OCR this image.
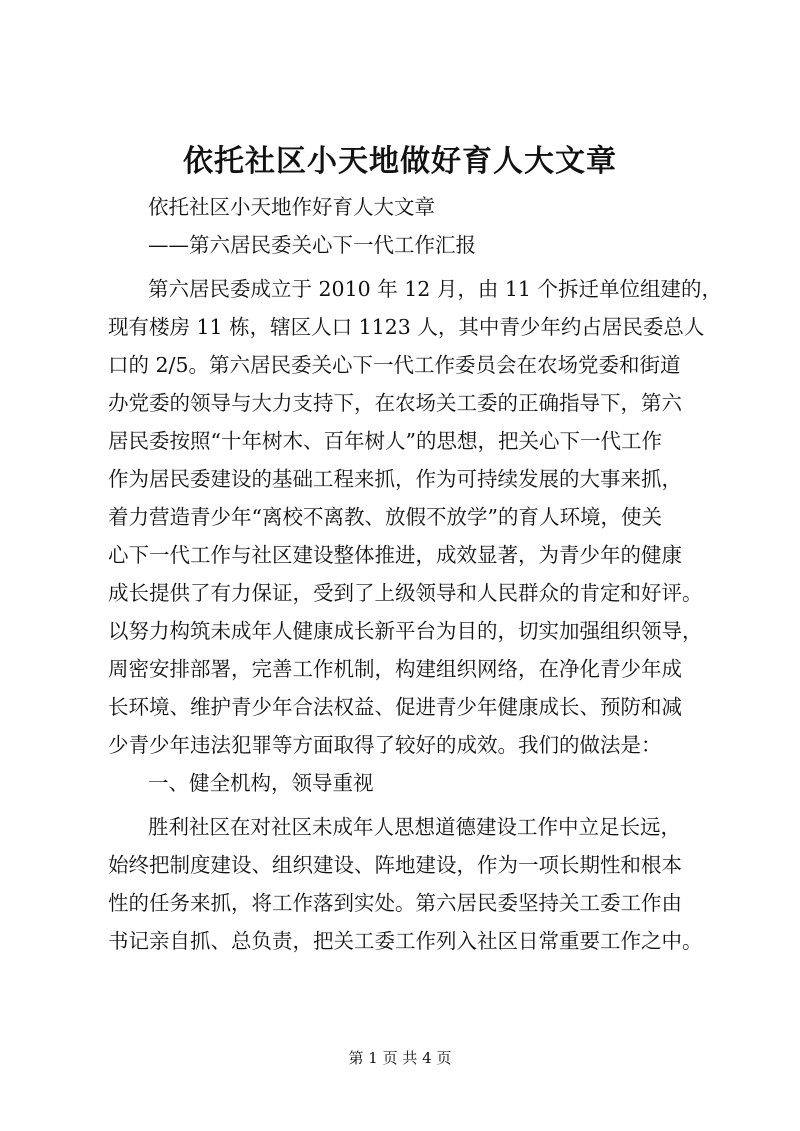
依托社区小天地做好育人大文章

依托社区小天地作好育人大文章

——第六居民委关心下一代工作汇报

第六居民委成立于 2010 年 12 月，由 11 个拆迁单位组建的，

现有楼房 11 栋，辖区人口 1123 人，其中青少年约占居民委总人

口的 2/5。第六居民委关心下一代工作委员会在农场党委和街道

办党委的领导与大力支持下，在农场关工委的正确指导下，第六

居民委按照“十年树木、百年树人”的思想，把关心下一代工作

作为居民委建设的基础工程来抓，作为可持续发展的大事来抓，

着力营造青少年“离校不离教、放假不放学”的育人环境，使关

心下一代工作与社区建设整体推进，成效显著，为青少年的健康

成长提供了有力保证，受到了上级领导和人民群众的肯定和好评。

以努力构筑未成年人健康成长新平台为目的，切实加强组织领导，

周密安排部署，完善工作机制，构建组织网络，在净化青少年成

长环境、维护青少年合法权益、促进青少年健康成长、预防和减

少青少年违法犯罪等方面取得了较好的成效。我们的做法是：

一、健全机构，领导重视

胜利社区在对社区未成年人思想道德建设工作中立足长远，

始终把制度建设、组织建设、阵地建设，作为一项长期性和根本

性的任务来抓，将工作落到实处。第六居民委坚持关工委工作由

书记亲自抓、总负责，把关工委工作列入社区日常重要工作之中。

第 1 页 共 4 页
